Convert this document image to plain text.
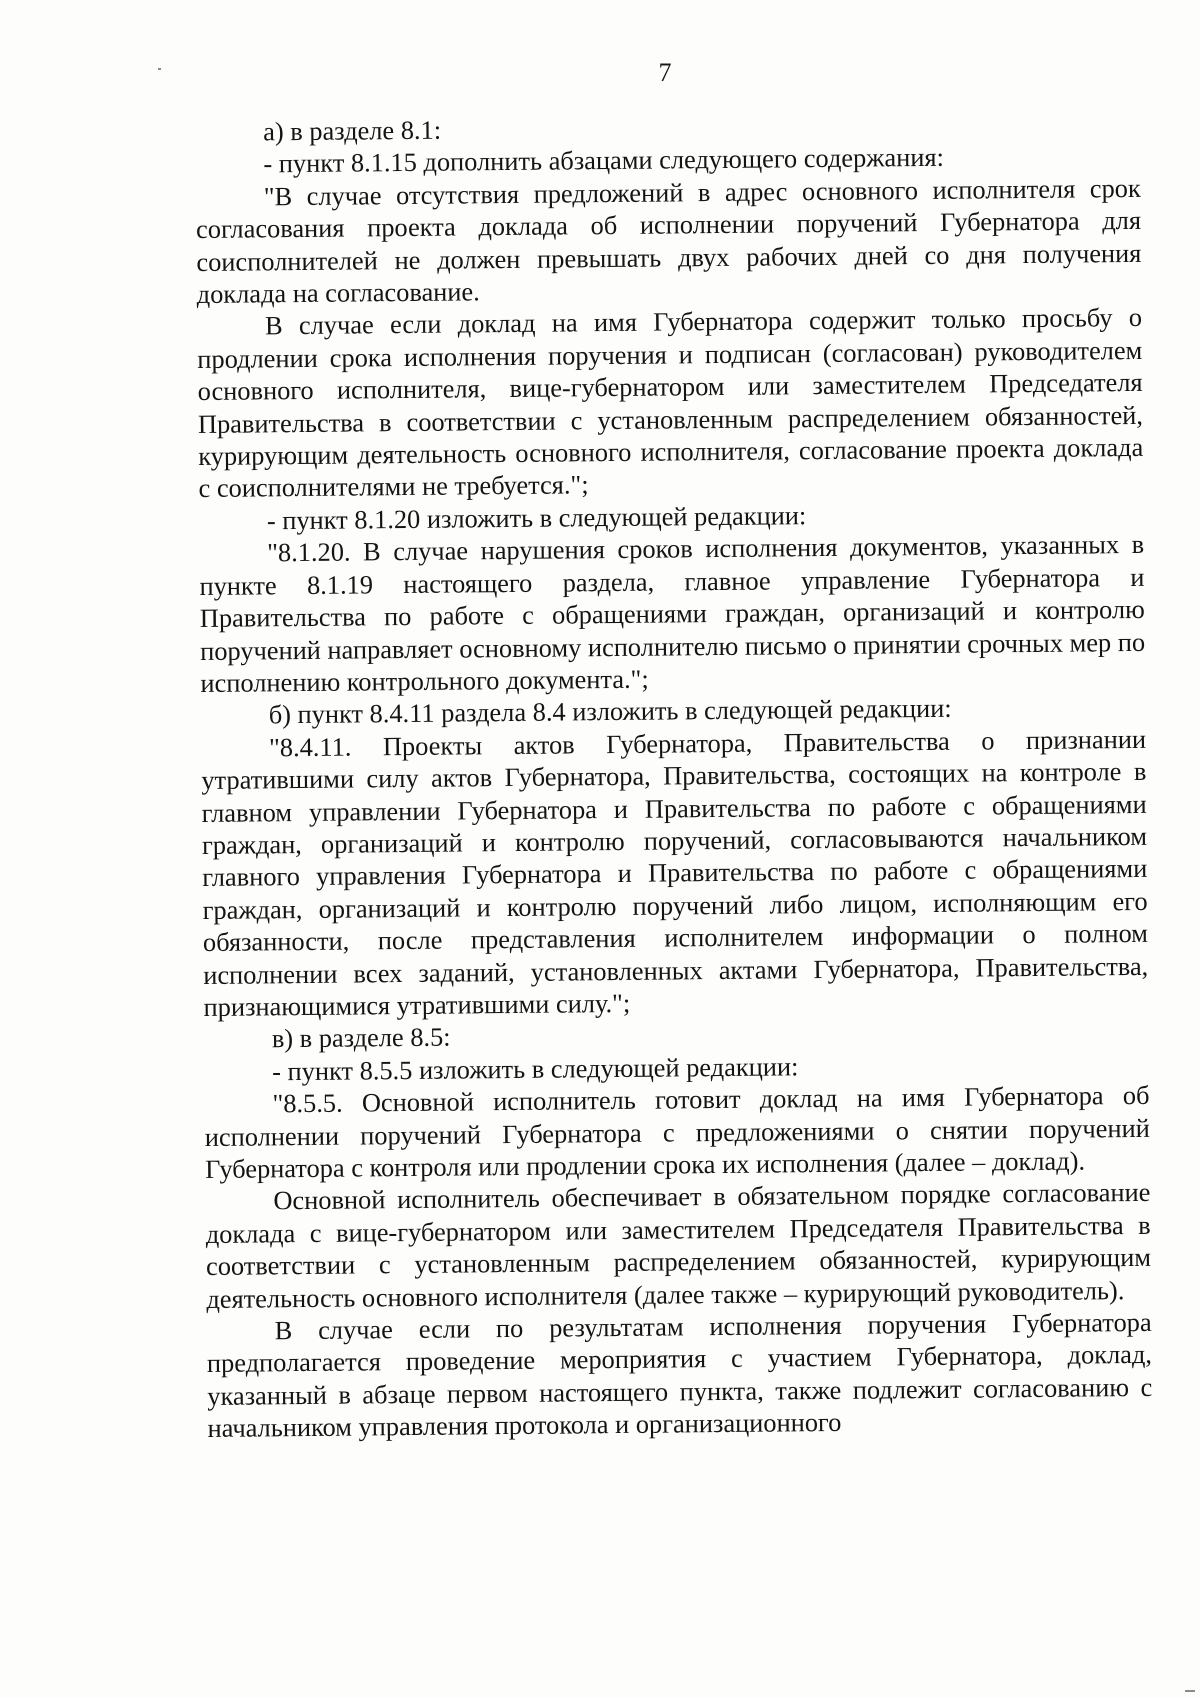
7

а) в разделе 8.1:

- пункт 8.1.15 дополнить абзацами следующего содержания:

"В случае отсутствия предложений в адрес основного исполнителя срок согласования проекта доклада об исполнении поручений Губернатора для соисполнителей не должен превышать двух рабочих дней со дня получения доклада на согласование.

В случае если доклад на имя Губернатора содержит только просьбу о продлении срока исполнения поручения и подписан (согласован) руководителем основного исполнителя, вице-губернатором или заместителем Председателя Правительства в соответствии с установленным распределением обязанностей, курирующим деятельность основного исполнителя, согласование проекта доклада с соисполнителями не требуется.";

- пункт 8.1.20 изложить в следующей редакции:

"8.1.20. В случае нарушения сроков исполнения документов, указанных в пункте 8.1.19 настоящего раздела, главное управление Губернатора и Правительства по работе с обращениями граждан, организаций и контролю поручений направляет основному исполнителю письмо о принятии срочных мер по исполнению контрольного документа.";

б) пункт 8.4.11 раздела 8.4 изложить в следующей редакции:

"8.4.11. Проекты актов Губернатора, Правительства о признании утратившими силу актов Губернатора, Правительства, состоящих на контроле в главном управлении Губернатора и Правительства по работе с обращениями граждан, организаций и контролю поручений, согласовываются начальником главного управления Губернатора и Правительства по работе с обращениями граждан, организаций и контролю поручений либо лицом, исполняющим его обязанности, после представления исполнителем информации о полном исполнении всех заданий, установленных актами Губернатора, Правительства, признающимися утратившими силу.";

в) в разделе 8.5:

- пункт 8.5.5 изложить в следующей редакции:

"8.5.5. Основной исполнитель готовит доклад на имя Губернатора об исполнении поручений Губернатора с предложениями о снятии поручений Губернатора с контроля или продлении срока их исполнения (далее – доклад).

Основной исполнитель обеспечивает в обязательном порядке согласование доклада с вице-губернатором или заместителем Председателя Правительства в соответствии с установленным распределением обязанностей, курирующим деятельность основного исполнителя (далее также – курирующий руководитель).

В случае если по результатам исполнения поручения Губернатора предполагается проведение мероприятия с участием Губернатора, доклад, указанный в абзаце первом настоящего пункта, также подлежит согласованию с начальником управления протокола и организационного
